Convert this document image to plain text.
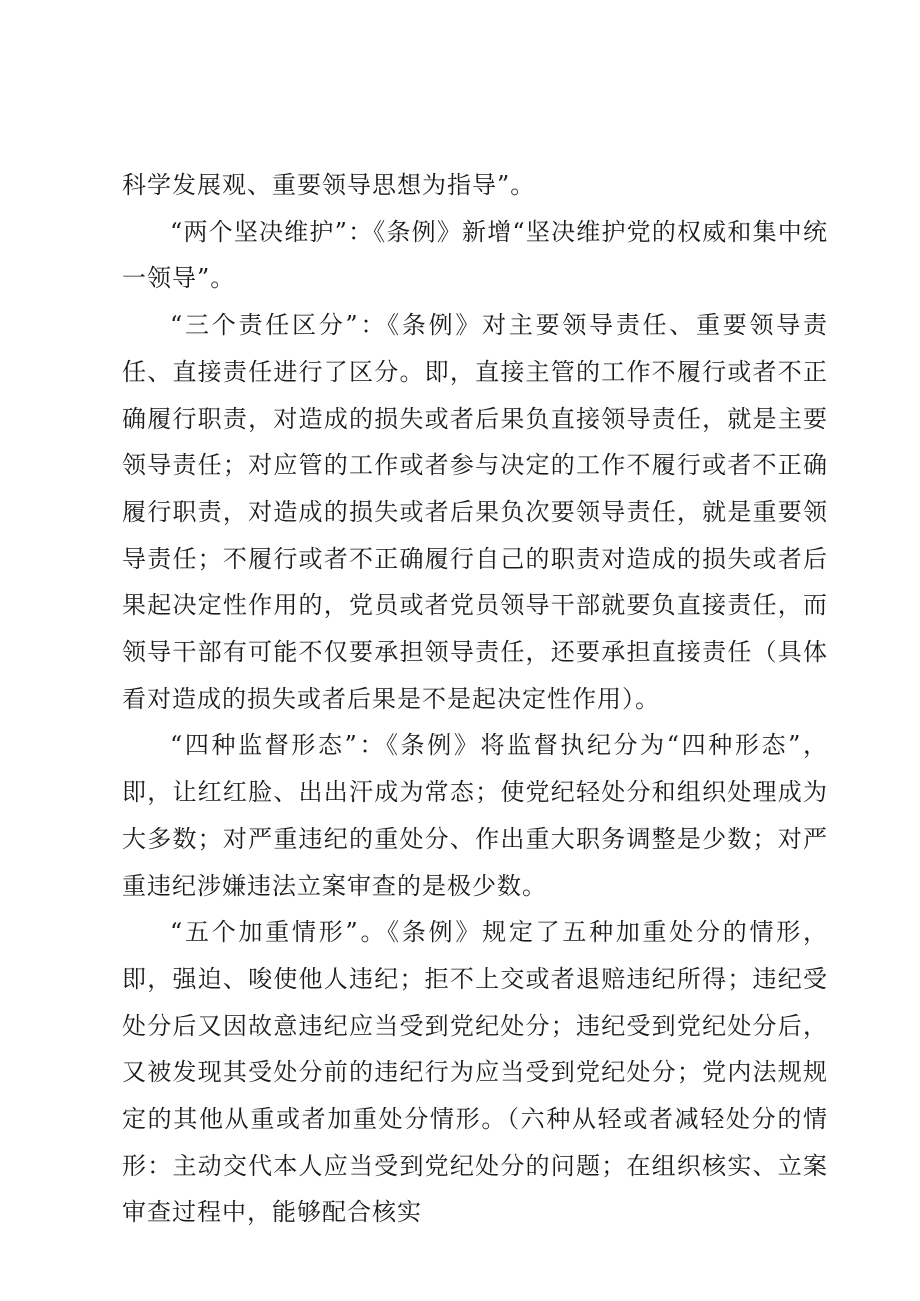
科学发展观、重要领导思想为指导”。

“两个坚决维护”：《条例》新增“坚决维护党的权威和集中统一领导”。

“三个责任区分”：《条例》对主要领导责任、重要领导责任、直接责任进行了区分。即，直接主管的工作不履行或者不正确履行职责，对造成的损失或者后果负直接领导责任，就是主要领导责任；对应管的工作或者参与决定的工作不履行或者不正确履行职责，对造成的损失或者后果负次要领导责任，就是重要领导责任；不履行或者不正确履行自己的职责对造成的损失或者后果起决定性作用的，党员或者党员领导干部就要负直接责任，而领导干部有可能不仅要承担领导责任，还要承担直接责任（具体看对造成的损失或者后果是不是起决定性作用）。

“四种监督形态”：《条例》将监督执纪分为“四种形态”，即，让红红脸、出出汗成为常态；使党纪轻处分和组织处理成为大多数；对严重违纪的重处分、作出重大职务调整是少数；对严重违纪涉嫌违法立案审查的是极少数。

“五个加重情形”。《条例》规定了五种加重处分的情形，即，强迫、唆使他人违纪；拒不上交或者退赔违纪所得；违纪受处分后又因故意违纪应当受到党纪处分；违纪受到党纪处分后，又被发现其受处分前的违纪行为应当受到党纪处分；党内法规规定的其他从重或者加重处分情形。（六种从轻或者减轻处分的情形：主动交代本人应当受到党纪处分的问题；在组织核实、立案审查过程中，能够配合核实
